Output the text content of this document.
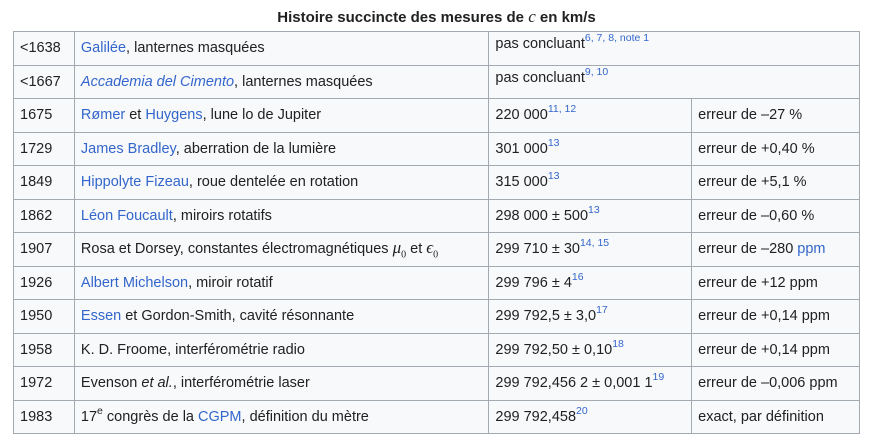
Histoire succincte des mesures de c en km/s
<1638	Galilée, lanternes masquées	pas concluant$^{6, 7, 8, note 1}$
<1667	Accademia del Cimento, lanternes masquées	pas concluant$^{9, 10}$
1675	Rømer et Huygens, lune lo de Jupiter	220 000$^{11, 12}$	erreur de –27 %
1729	James Bradley, aberration de la lumière	301 $000^{13}$	erreur de +0,40 %
1849	Hippolyte Fizeau, roue dentelée en rotation	315 $000^{13}$	erreur de +5,1 %
1862	Léon Foucault, miroirs rotatifs	298 $000 \pm 500^{13}$	erreur de –0,60 %
1907	Rosa et Dorsey, constantes électromagnétiques $\mu_0$ et $\epsilon_0$	299 $710 \pm 30^{14, 15}$	erreur de –280 ppm
1926	Albert Michelson, miroir rotatif	299 $796 \pm 4^{16}$	erreur de +12 ppm
1950	Essen et Gordon-Smith, cavité résonnante	299 $792,5 \pm 3,0^{17}$	erreur de +0,14 ppm
1958	K. D. Froome, interférométrie radio	299 $792,50 \pm 0,10^{18}$	erreur de +0,14 ppm
1972	Evenson et al., interférométrie laser	299 792,456 2 ± 0,001 $1^{19}$	erreur de –0,006 ppm
1983	17e congrès de la CGPM, définition du mètre	299 792,458$^{20}$	exact, par définition
